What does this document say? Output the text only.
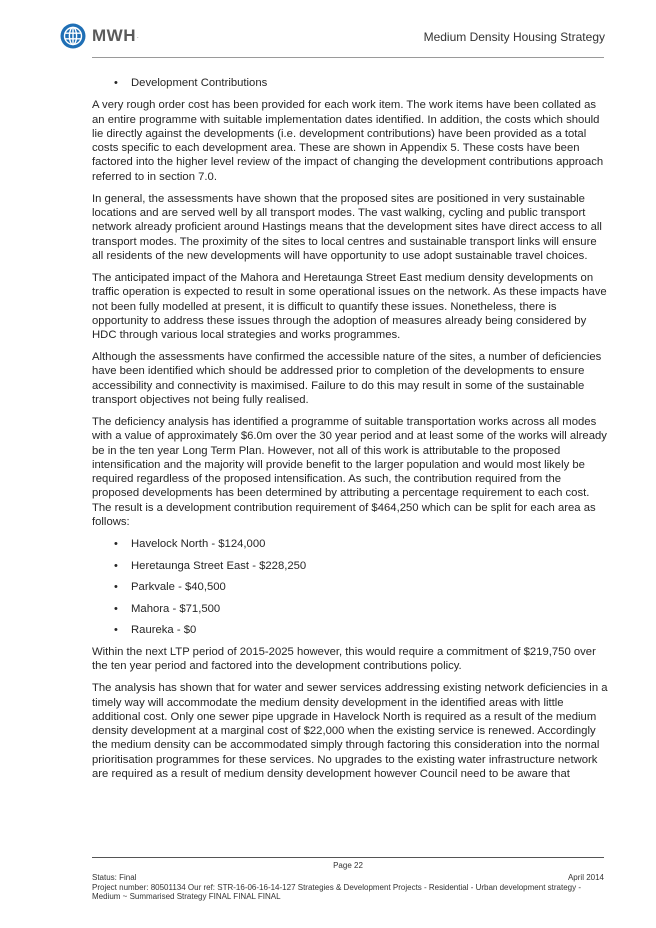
MWH.	Medium Density Housing Strategy
• Development Contributions

A very rough order cost has been provided for each work item. The work items have been collated as an entire programme with suitable implementation dates identified. In addition, the costs which should lie directly against the developments (i.e. development contributions) have been provided as a total costs specific to each development area. These are shown in Appendix 5. These costs have been factored into the higher level review of the impact of changing the development contributions approach referred to in section 7.0.

In general, the assessments have shown that the proposed sites are positioned in very sustainable locations and are served well by all transport modes. The vast walking, cycling and public transport network already proficient around Hastings means that the development sites have direct access to all transport modes. The proximity of the sites to local centres and sustainable transport links will ensure all residents of the new developments will have opportunity to use adopt sustainable travel choices.

The anticipated impact of the Mahora and Heretaunga Street East medium density developments on traffic operation is expected to result in some operational issues on the network. As these impacts have not been fully modelled at present, it is difficult to quantify these issues. Nonetheless, there is opportunity to address these issues through the adoption of measures already being considered by HDC through various local strategies and works programmes.

Although the assessments have confirmed the accessible nature of the sites, a number of deficiencies have been identified which should be addressed prior to completion of the developments to ensure accessibility and connectivity is maximised. Failure to do this may result in some of the sustainable transport objectives not being fully realised.

The deficiency analysis has identified a programme of suitable transportation works across all modes with a value of approximately $6.0m over the 30 year period and at least some of the works will already be in the ten year Long Term Plan. However, not all of this work is attributable to the proposed intensification and the majority will provide benefit to the larger population and would most likely be required regardless of the proposed intensification. As such, the contribution required from the proposed developments has been determined by attributing a percentage requirement to each cost. The result is a development contribution requirement of $464,250 which can be split for each area as follows:

• Havelock North - $124,000
• Heretaunga Street East - $228,250
• Parkvale - $40,500
• Mahora - $71,500
• Raureka - $0

Within the next LTP period of 2015-2025 however, this would require a commitment of $219,750 over the ten year period and factored into the development contributions policy.

The analysis has shown that for water and sewer services addressing existing network deficiencies in a timely way will accommodate the medium density development in the identified areas with little additional cost. Only one sewer pipe upgrade in Havelock North is required as a result of the medium density development at a marginal cost of $22,000 when the existing service is renewed. Accordingly the medium density can be accommodated simply through factoring this consideration into the normal prioritisation programmes for these services. No upgrades to the existing water infrastructure network are required as a result of medium density development however Council need to be aware that

Page 22
Status: Final	April 2014
Project number: 80501134 Our ref: STR-16-06-16-14-127 Strategies & Development Projects - Residential - Urban development strategy - Medium ~ Summarised Strategy FINAL FINAL FINAL
